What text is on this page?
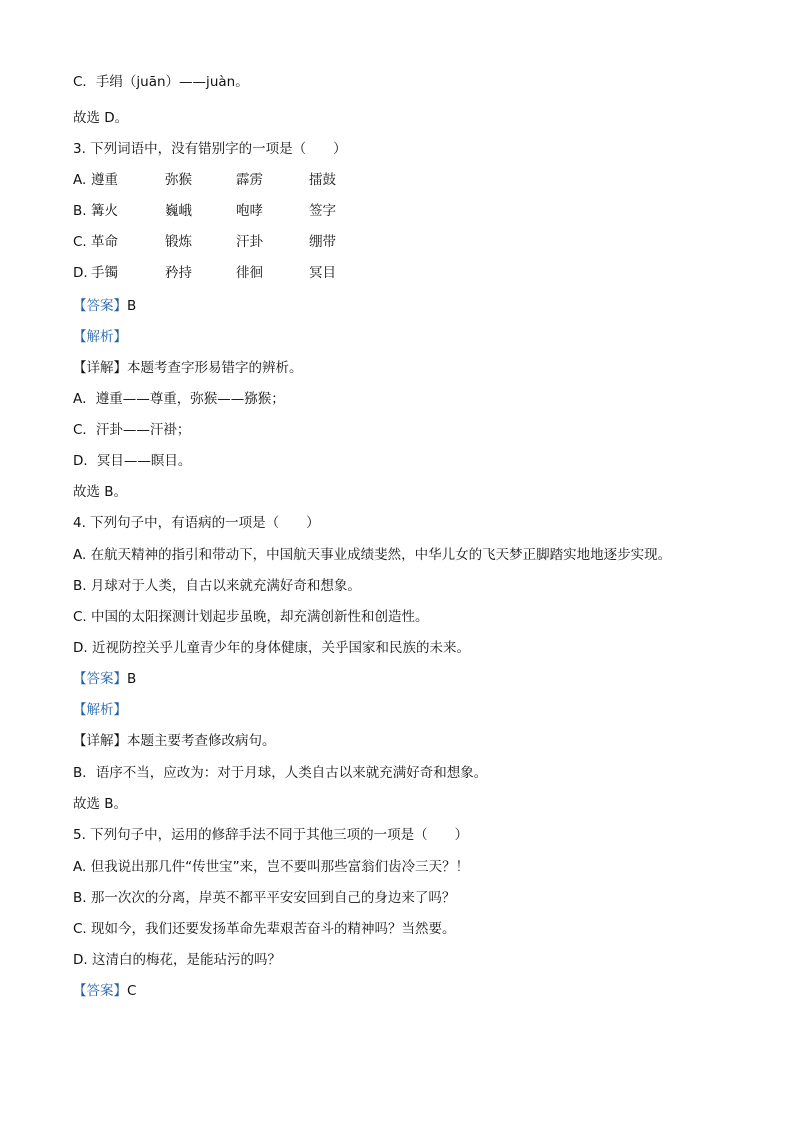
C．手绢（juān）——juàn。
故选 D。
3. 下列词语中，没有错别字的一项是（　　）
A. 遵重	弥猴	霹雳	擂鼓
B. 篝火	巍峨	咆哮	签字
C. 革命	锻炼	汗卦	绷带
D. 手镯	矜持	徘徊	冥目
【答案】B
【解析】
【详解】本题考查字形易错字的辨析。
A．遵重——尊重，弥猴——猕猴；
C．汗卦——汗褂；
D．冥目——瞑目。
故选 B。
4. 下列句子中，有语病的一项是（　　）
A. 在航天精神的指引和带动下，中国航天事业成绩斐然，中华儿女的飞天梦正脚踏实地地逐步实现。
B. 月球对于人类，自古以来就充满好奇和想象。
C. 中国的太阳探测计划起步虽晚，却充满创新性和创造性。
D. 近视防控关乎儿童青少年的身体健康，关乎国家和民族的未来。
【答案】B
【解析】
【详解】本题主要考查修改病句。
B．语序不当，应改为：对于月球，人类自古以来就充满好奇和想象。
故选 B。
5. 下列句子中，运用的修辞手法不同于其他三项的一项是（　　）
A. 但我说出那几件“传世宝”来，岂不要叫那些富翁们齿冷三天？！
B. 那一次次的分离，岸英不都平平安安回到自己的身边来了吗？
C. 现如今，我们还要发扬革命先辈艰苦奋斗的精神吗？当然要。
D. 这清白的梅花，是能玷污的吗？
【答案】C
